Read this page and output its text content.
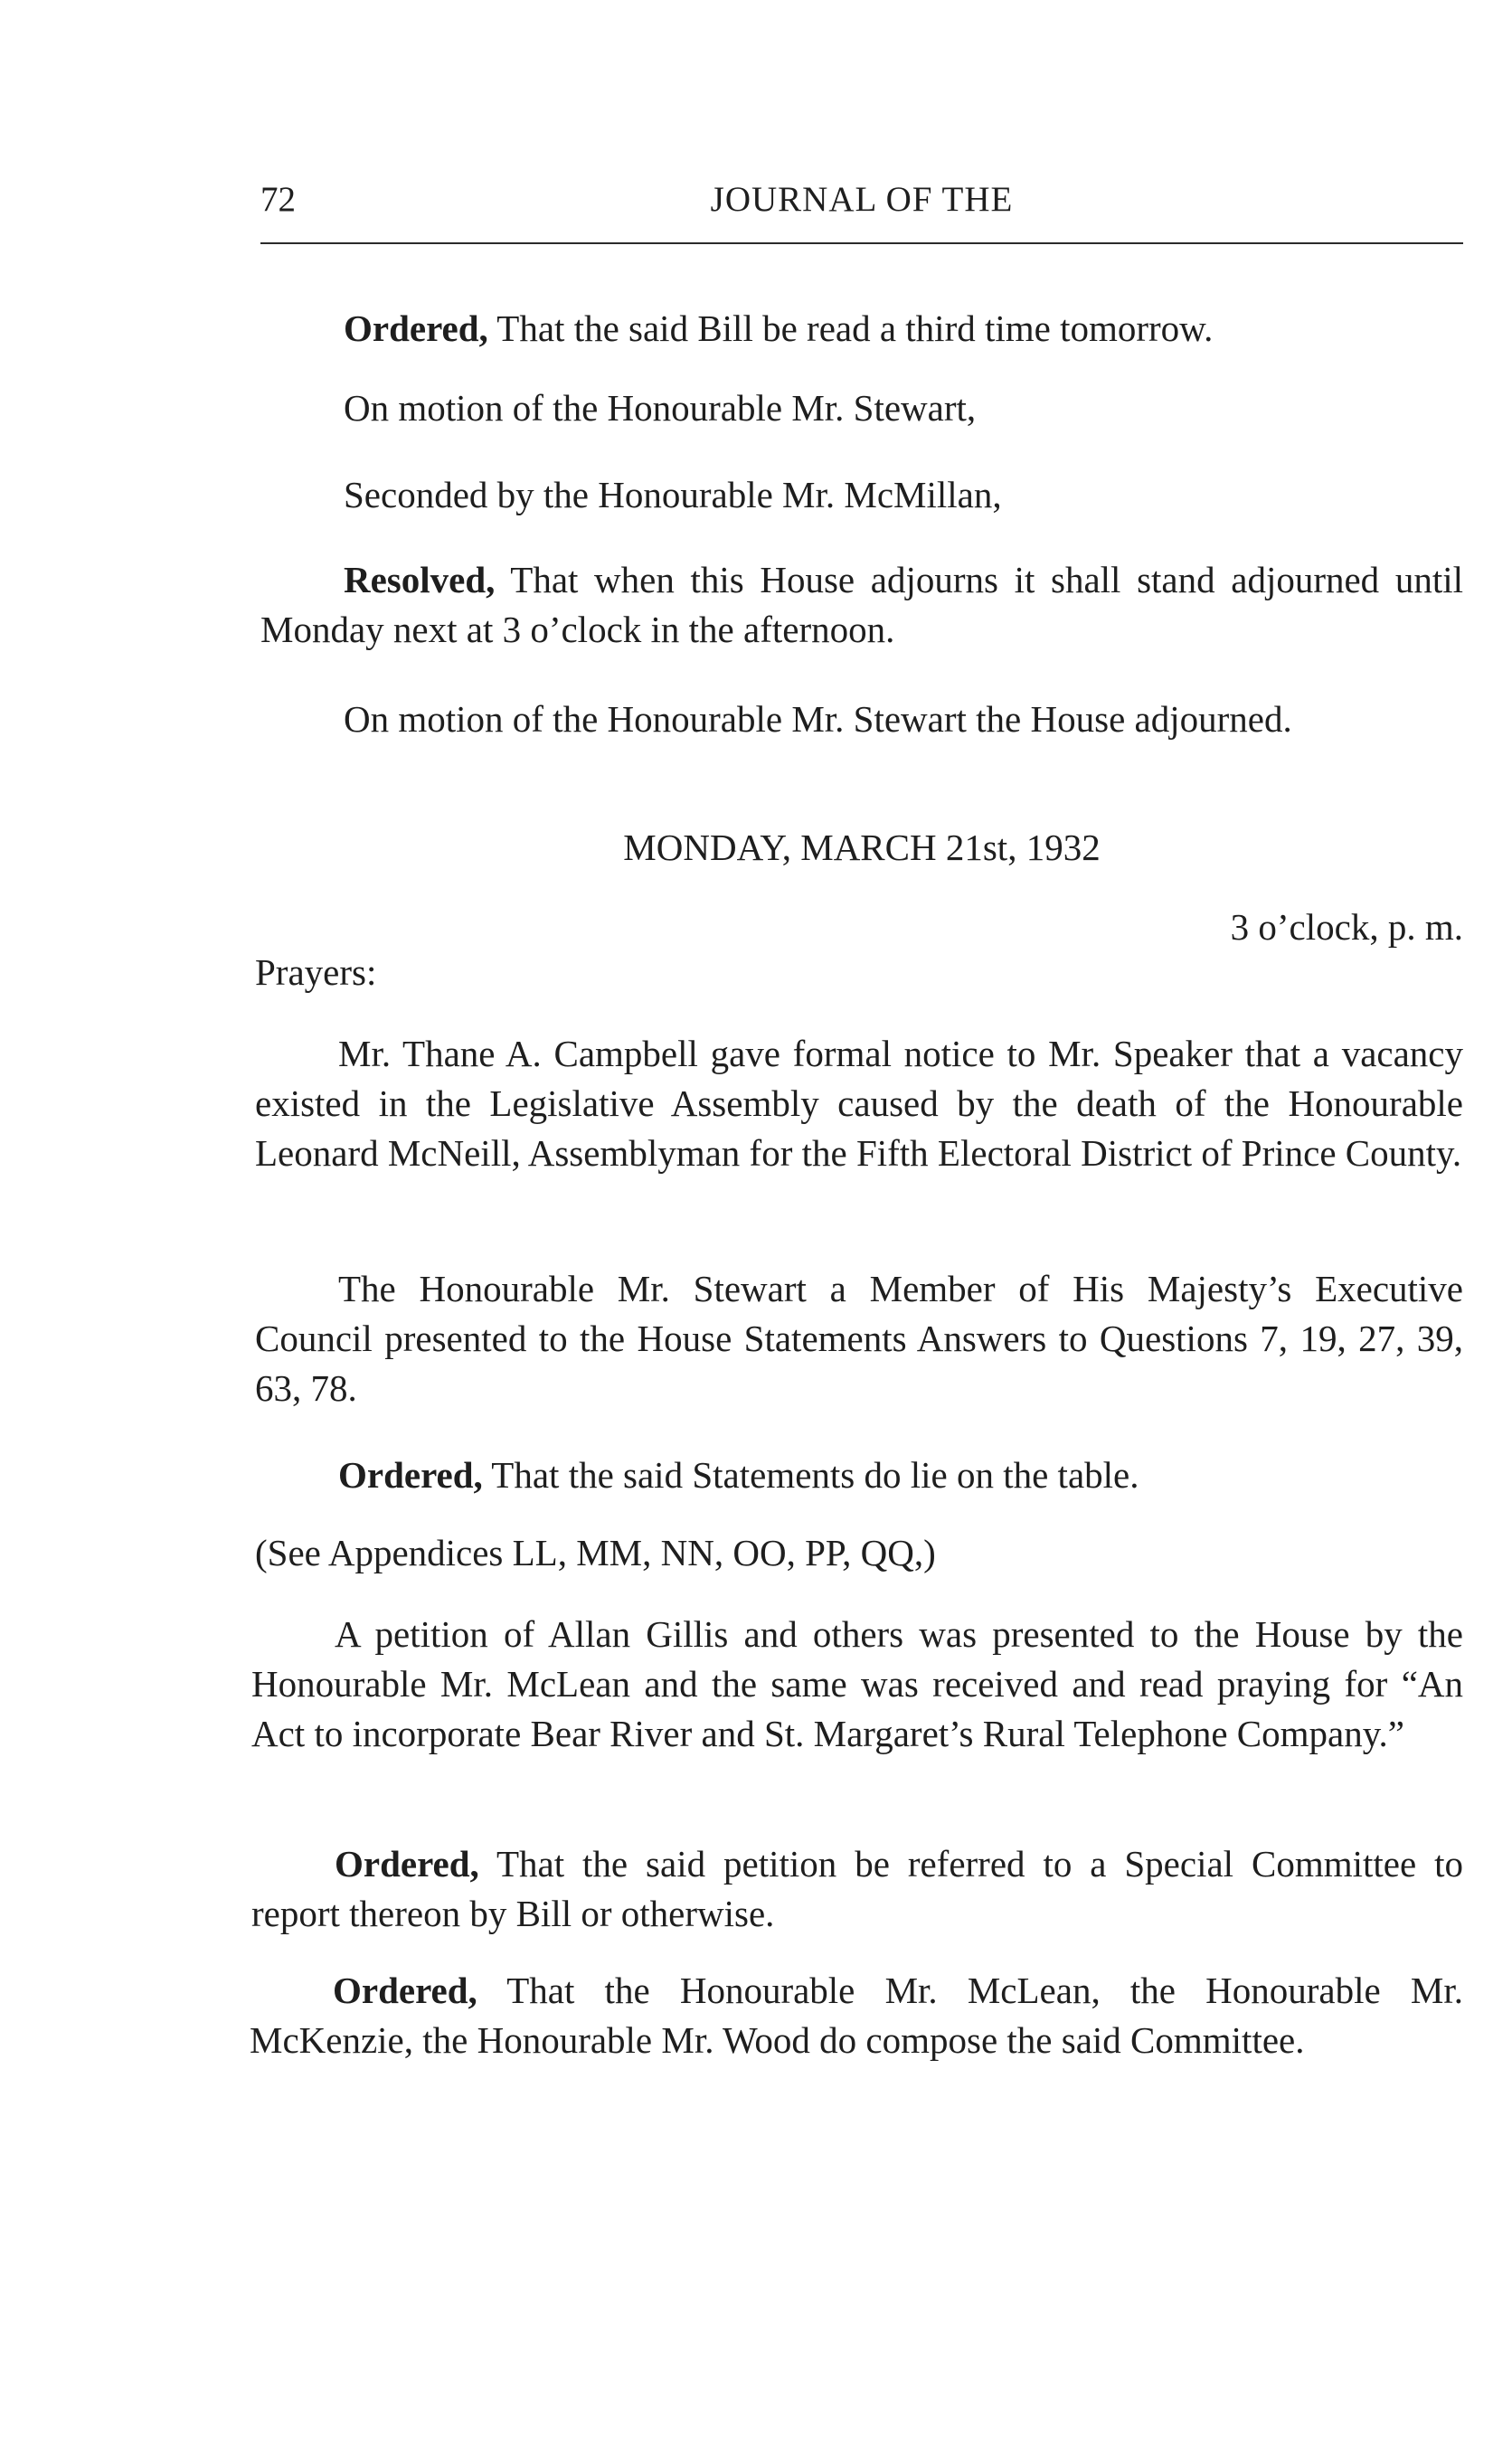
72	JOURNAL OF THE

Ordered, That the said Bill be read a third time tomorrow.

On motion of the Honourable Mr. Stewart,

Seconded by the Honourable Mr. McMillan,

Resolved, That when this House adjourns it shall stand adjourned until Monday next at 3 o’clock in the afternoon.

On motion of the Honourable Mr. Stewart the House adjourned.

MONDAY, MARCH 21st, 1932

3 o’clock, p. m.

Prayers:

Mr. Thane A. Campbell gave formal notice to Mr. Speaker that a vacancy existed in the Legislative Assembly caused by the death of the Honourable Leonard McNeill, Assemblyman for the Fifth Electoral District of Prince County.

The Honourable Mr. Stewart a Member of His Majesty’s Executive Council presented to the House Statements Answers to Questions 7, 19, 27, 39, 63, 78.

Ordered, That the said Statements do lie on the table.

(See Appendices LL, MM, NN, OO, PP, QQ,)

A petition of Allan Gillis and others was presented to the House by the Honourable Mr. McLean and the same was received and read praying for “An Act to incorporate Bear River and St. Margaret’s Rural Telephone Company.”

Ordered, That the said petition be referred to a Special Committee to report thereon by Bill or otherwise.

Ordered, That the Honourable Mr. McLean, the Honourable Mr. McKenzie, the Honourable Mr. Wood do compose the said Committee.
